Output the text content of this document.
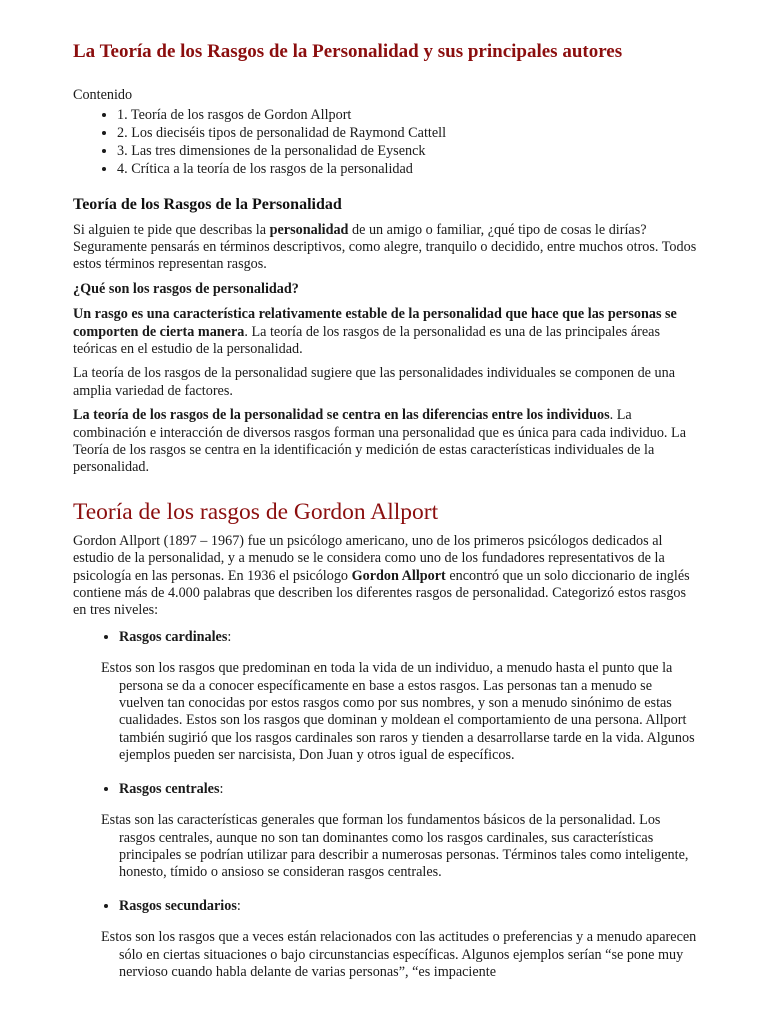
La Teoría de los Rasgos de la Personalidad y sus principales autores
Contenido
• 1. Teoría de los rasgos de Gordon Allport
• 2. Los dieciséis tipos de personalidad de Raymond Cattell
• 3. Las tres dimensiones de la personalidad de Eysenck
• 4. Crítica a la teoría de los rasgos de la personalidad
Teoría de los Rasgos de la Personalidad

Si alguien te pide que describas la personalidad de un amigo o familiar, ¿qué tipo de cosas le dirías? Seguramente pensarás en términos descriptivos, como alegre, tranquilo o decidido, entre muchos otros. Todos estos términos representan rasgos.

¿Qué son los rasgos de personalidad?

Un rasgo es una característica relativamente estable de la personalidad que hace que las personas se comporten de cierta manera. La teoría de los rasgos de la personalidad es una de las principales áreas teóricas en el estudio de la personalidad.

La teoría de los rasgos de la personalidad sugiere que las personalidades individuales se componen de una amplia variedad de factores.

La teoría de los rasgos de la personalidad se centra en las diferencias entre los individuos. La combinación e interacción de diversos rasgos forman una personalidad que es única para cada individuo. La Teoría de los rasgos se centra en la identificación y medición de estas características individuales de la personalidad.

Teoría de los rasgos de Gordon Allport

Gordon Allport (1897 – 1967) fue un psicólogo americano, uno de los primeros psicólogos dedicados al estudio de la personalidad, y a menudo se le considera como uno de los fundadores representativos de la psicología en las personas. En 1936 el psicólogo Gordon Allport encontró que un solo diccionario de inglés contiene más de 4.000 palabras que describen los diferentes rasgos de personalidad. Categorizó estos rasgos en tres niveles:

• Rasgos cardinales:
Estos son los rasgos que predominan en toda la vida de un individuo, a menudo hasta el punto que la persona se da a conocer específicamente en base a estos rasgos. Las personas tan a menudo se vuelven tan conocidas por estos rasgos como por sus nombres, y son a menudo sinónimo de estas cualidades. Estos son los rasgos que dominan y moldean el comportamiento de una persona. Allport también sugirió que los rasgos cardinales son raros y tienden a desarrollarse tarde en la vida. Algunos ejemplos pueden ser narcisista, Don Juan y otros igual de específicos.
• Rasgos centrales:
Estas son las características generales que forman los fundamentos básicos de la personalidad. Los rasgos centrales, aunque no son tan dominantes como los rasgos cardinales, sus características principales se podrían utilizar para describir a numerosas personas. Términos tales como inteligente, honesto, tímido o ansioso se consideran rasgos centrales.
• Rasgos secundarios:
Estos son los rasgos que a veces están relacionados con las actitudes o preferencias y a menudo aparecen sólo en ciertas situaciones o bajo circunstancias específicas. Algunos ejemplos serían “se pone muy nervioso cuando habla delante de varias personas”, “es impaciente
